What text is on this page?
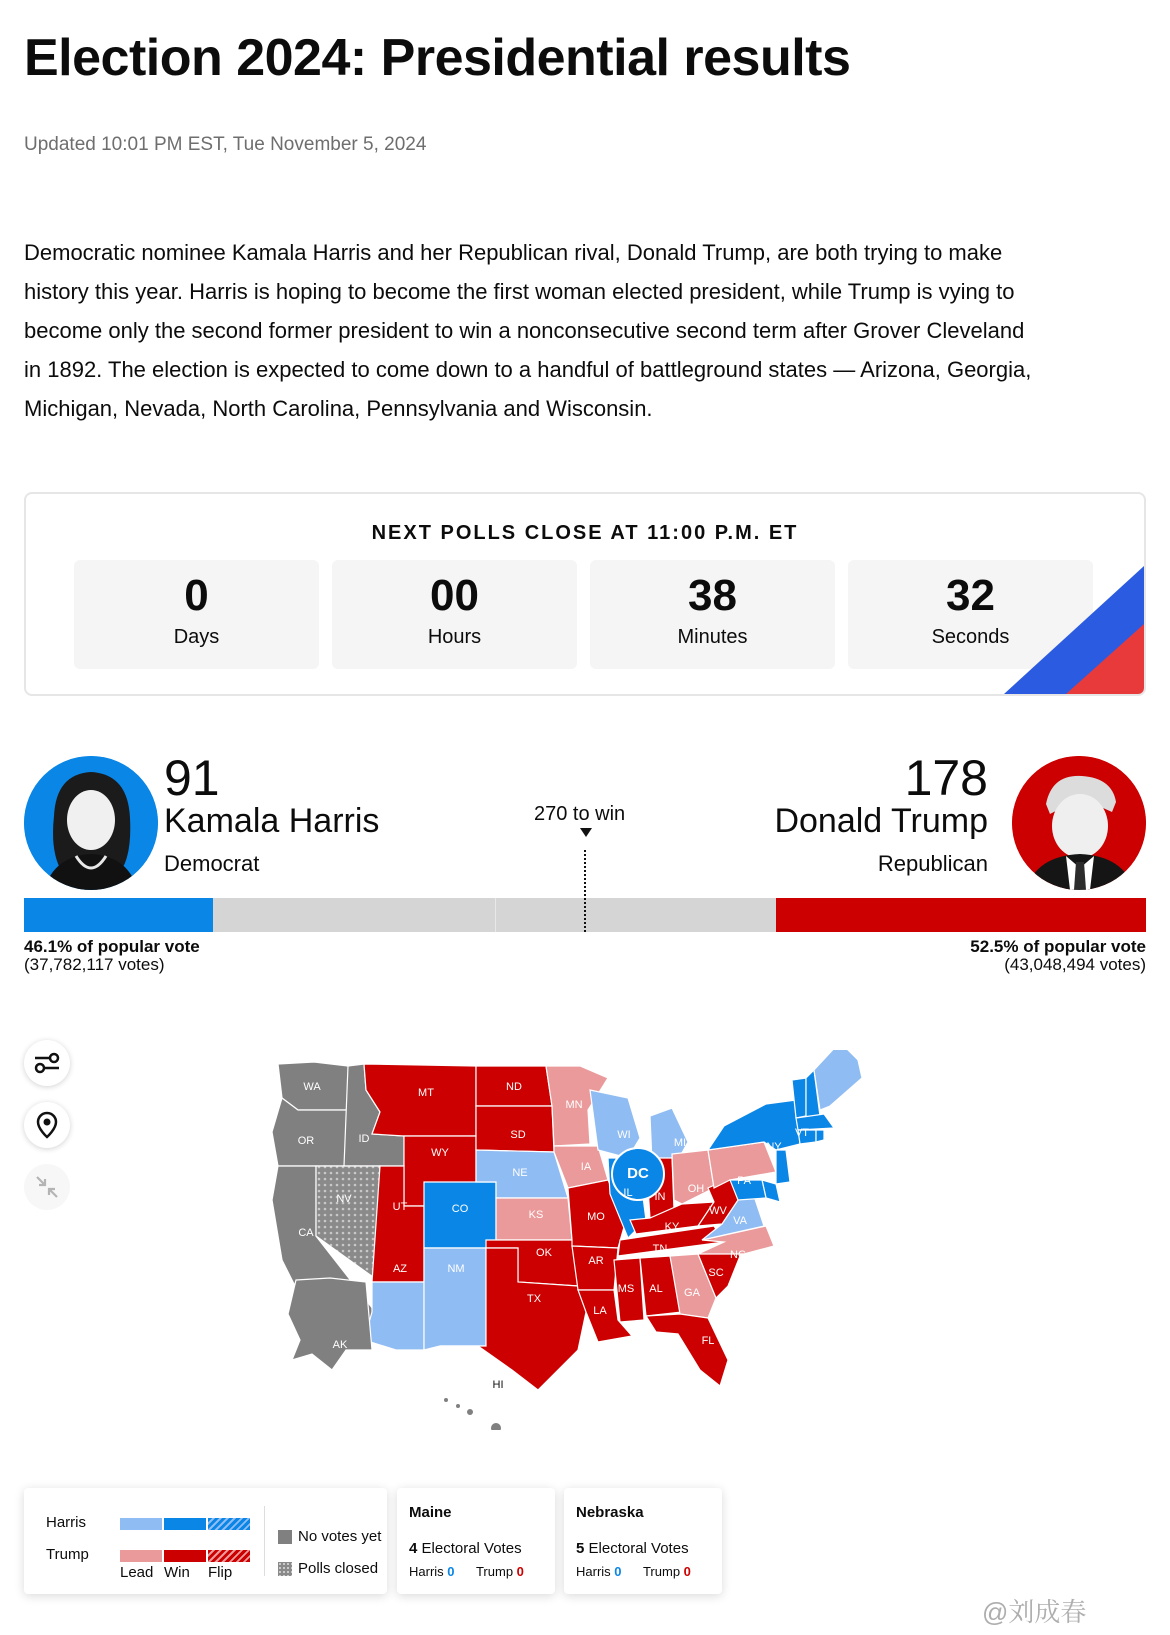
Election 2024: Presidential results
Updated 10:01 PM EST, Tue November 5, 2024

Democratic nominee Kamala Harris and her Republican rival, Donald Trump, are both trying to make history this year. Harris is hoping to become the first woman elected president, while Trump is vying to become only the second former president to win a nonconsecutive second term after Grover Cleveland in 1892. The election is expected to come down to a handful of battleground states — Arizona, Georgia, Michigan, Nevada, North Carolina, Pennsylvania and Wisconsin.

NEXT POLLS CLOSE AT 11:00 P.M. ET
0
Days
00
Hours
38
Minutes
32
Seconds
91
Kamala Harris
Democrat
270 to win
178
Donald Trump
Republican
46.1% of popular vote
(37,782,117 votes)
52.5% of popular vote
(43,048,494 votes)
WA
OR
CA
ID
NV
MT
WY
UT	CO
AZ	NM
ND
SD
NE
KS
OK
TX
MN
IA
MO
AR
LA
WI
IL
MS
MI
IN
KY
TN
AL
OH
GA
FL
SC
NC
VA
WV
PA
NY
VT
NH
ME
MA
RI
NJ
DE
DC
AK
HI
Harris
Trump
Lead Win Flip
No votes yet
Polls closed
Maine
4 Electoral Votes
Harris 0 Trump 0
Nebraska
5 Electoral Votes
Harris 0 Trump 0
@刘成春
